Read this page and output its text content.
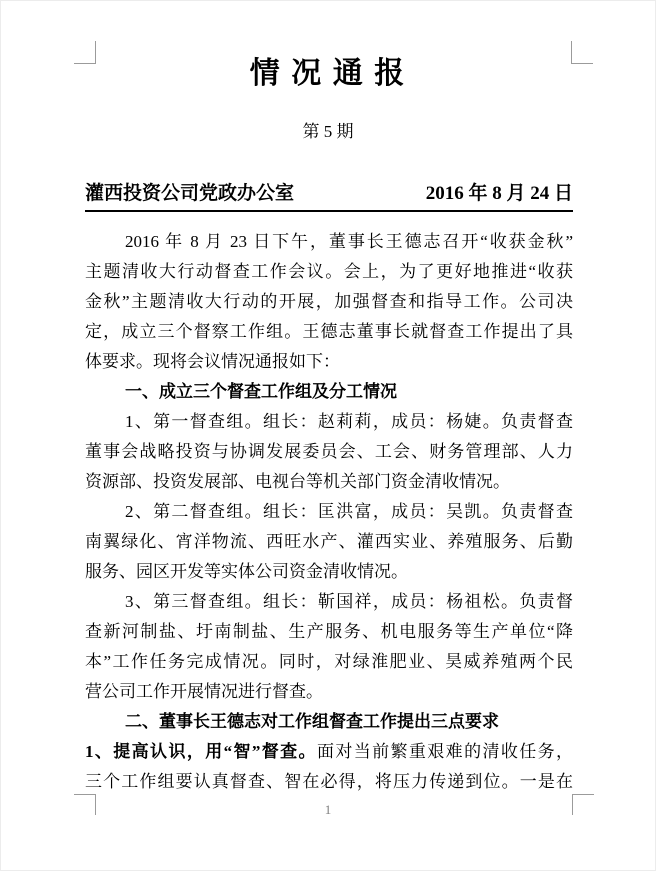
情 况 通 报
第 5 期
灌西投资公司党政办公室	2016 年 8 月 24 日
2016 年 8 月 23 日下午，董事长王德志召开“收获金秋”
主题清收大行动督查工作会议。会上，为了更好地推进“收获
金秋”主题清收大行动的开展，加强督查和指导工作。公司决
定，成立三个督察工作组。王德志董事长就督查工作提出了具
体要求。现将会议情况通报如下：
一、成立三个督查工作组及分工情况
1、第一督查组。组长：赵莉莉，成员：杨婕。负责督查
董事会战略投资与协调发展委员会、工会、财务管理部、人力
资源部、投资发展部、电视台等机关部门资金清收情况。
2、第二督查组。组长：匡洪富，成员：吴凯。负责督查
南翼绿化、宵洋物流、西旺水产、灌西实业、养殖服务、后勤
服务、园区开发等实体公司资金清收情况。
3、第三督查组。组长：靳国祥，成员：杨祖松。负责督
查新河制盐、圩南制盐、生产服务、机电服务等生产单位“降
本”工作任务完成情况。同时，对绿淮肥业、昊威养殖两个民
营公司工作开展情况进行督查。
二、董事长王德志对工作组督查工作提出三点要求
1、提高认识，用“智”督查。面对当前繁重艰难的清收任务，
三个工作组要认真督查、智在必得，将压力传递到位。一是在
1
